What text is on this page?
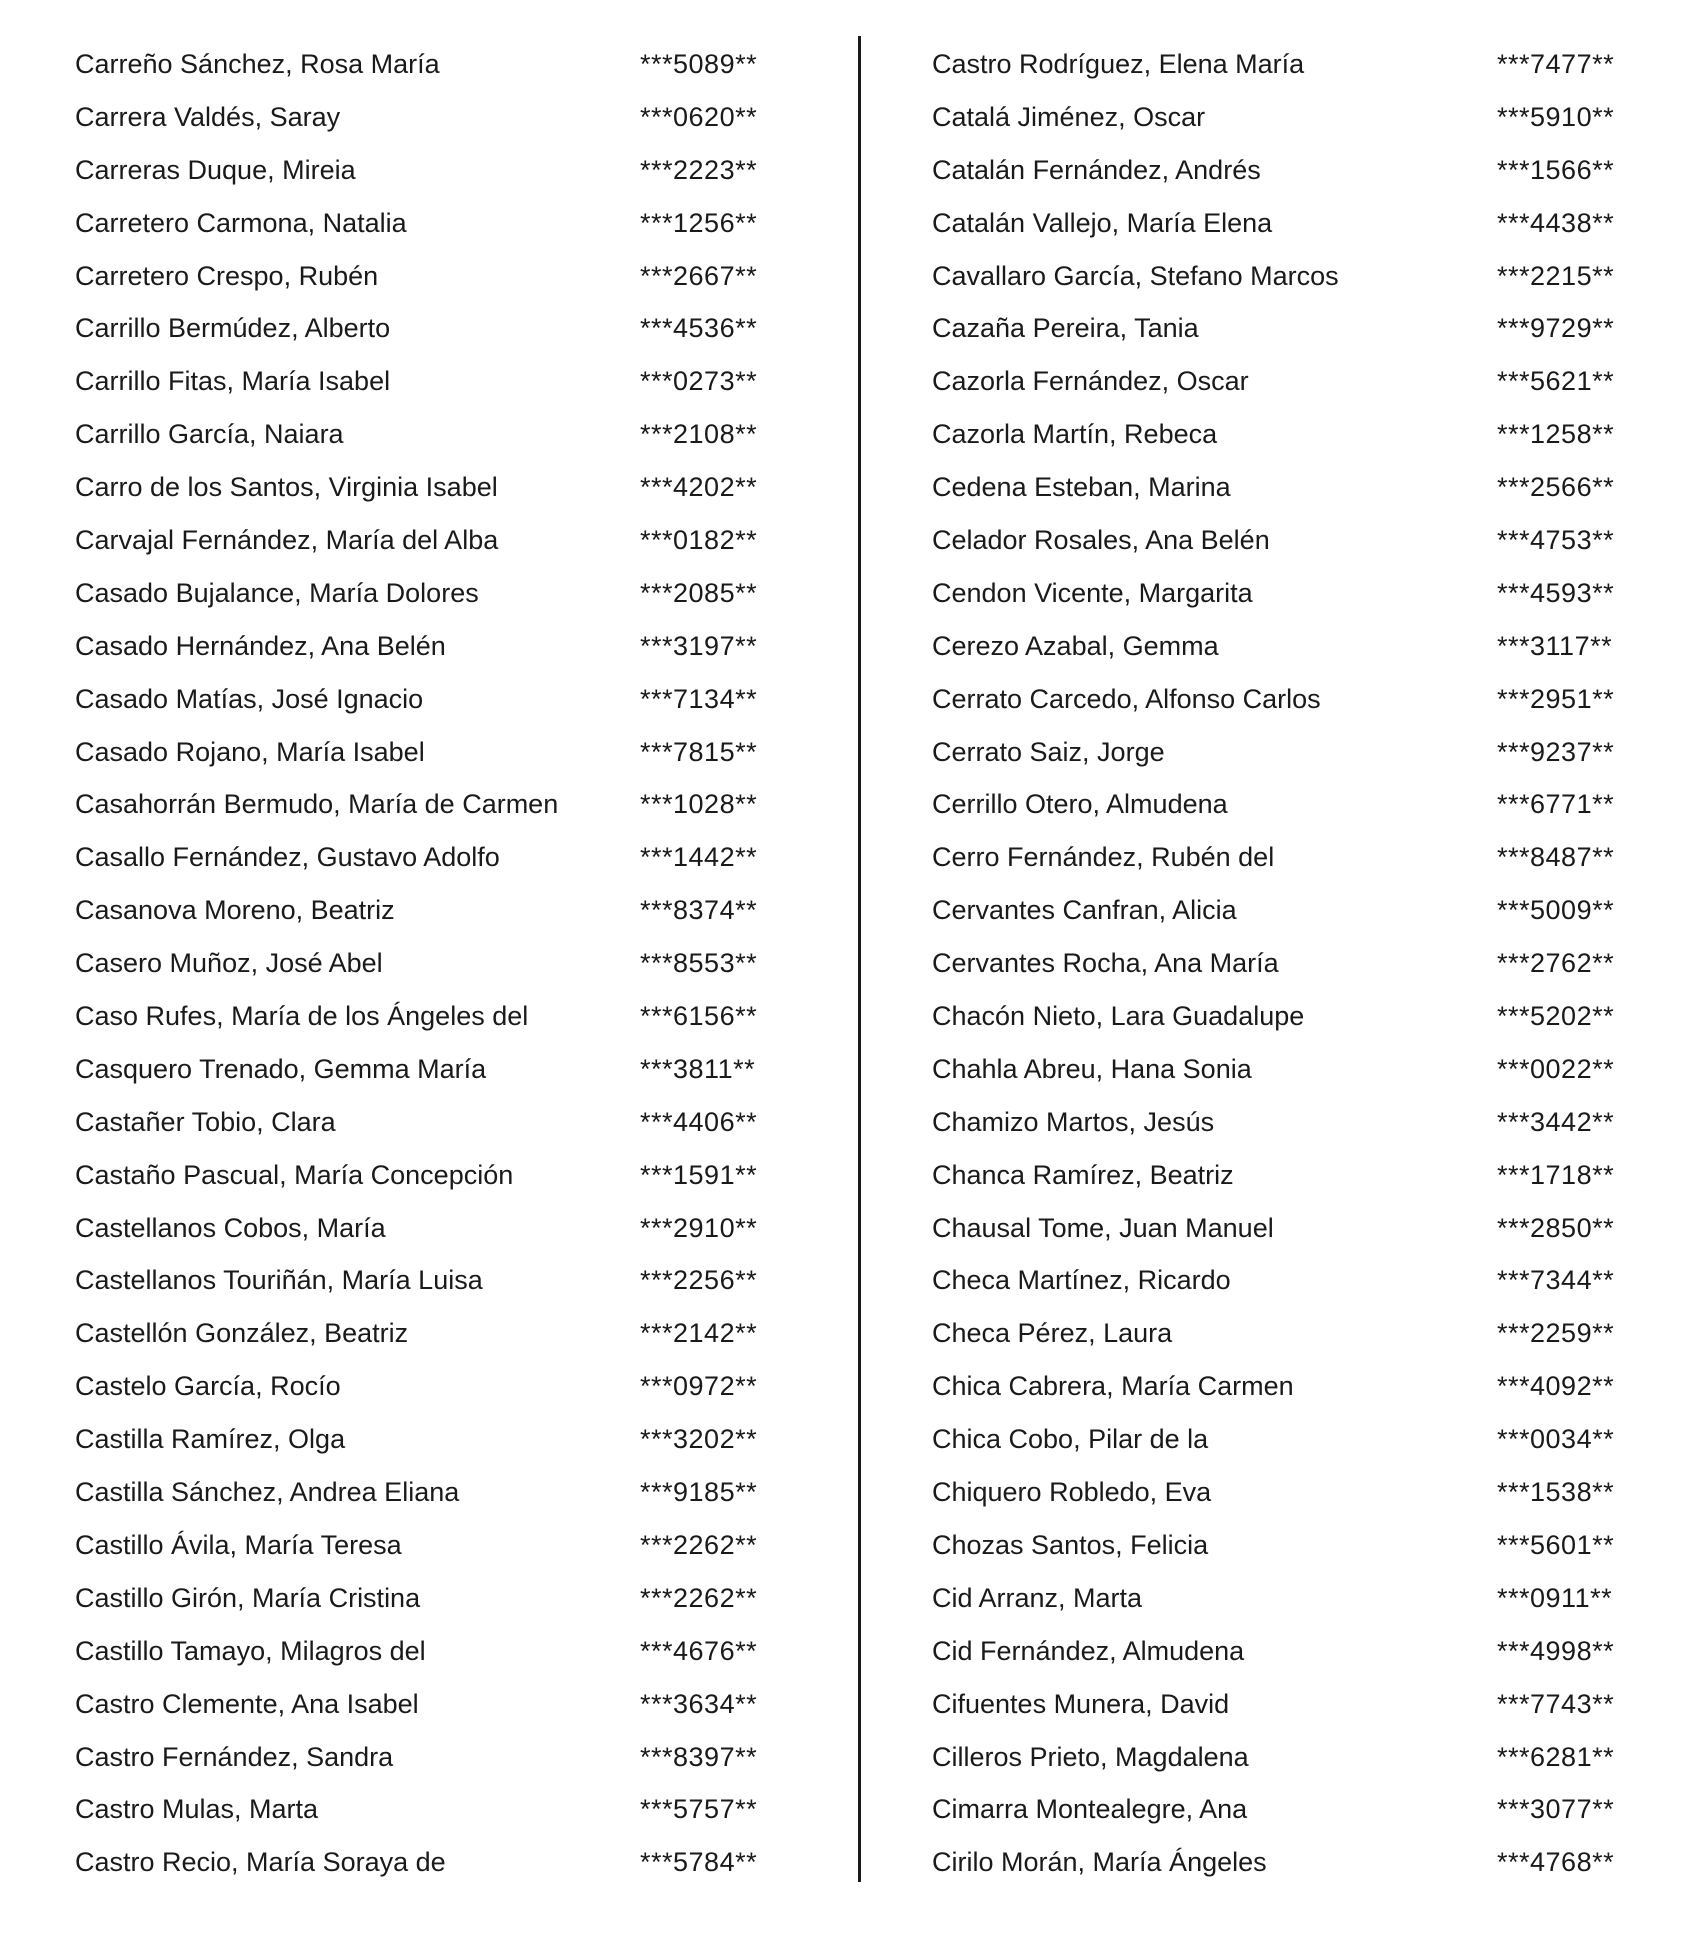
Carreño Sánchez, Rosa María	***5089**
Carrera Valdés, Saray	***0620**
Carreras Duque, Mireia	***2223**
Carretero Carmona, Natalia	***1256**
Carretero Crespo, Rubén	***2667**
Carrillo Bermúdez, Alberto	***4536**
Carrillo Fitas, María Isabel	***0273**
Carrillo García, Naiara	***2108**
Carro de los Santos, Virginia Isabel	***4202**
Carvajal Fernández, María del Alba	***0182**
Casado Bujalance, María Dolores	***2085**
Casado Hernández, Ana Belén	***3197**
Casado Matías, José Ignacio	***7134**
Casado Rojano, María Isabel	***7815**
Casahorrán Bermudo, María de Carmen	***1028**
Casallo Fernández, Gustavo Adolfo	***1442**
Casanova Moreno, Beatriz	***8374**
Casero Muñoz, José Abel	***8553**
Caso Rufes, María de los Ángeles del	***6156**
Casquero Trenado, Gemma María	***3811**
Castañer Tobio, Clara	***4406**
Castaño Pascual, María Concepción	***1591**
Castellanos Cobos, María	***2910**
Castellanos Touriñán, María Luisa	***2256**
Castellón González, Beatriz	***2142**
Castelo García, Rocío	***0972**
Castilla Ramírez, Olga	***3202**
Castilla Sánchez, Andrea Eliana	***9185**
Castillo Ávila, María Teresa	***2262**
Castillo Girón, María Cristina	***2262**
Castillo Tamayo, Milagros del	***4676**
Castro Clemente, Ana Isabel	***3634**
Castro Fernández, Sandra	***8397**
Castro Mulas, Marta	***5757**
Castro Recio, María Soraya de	***5784**
Castro Rodríguez, Elena María	***7477**
Catalá Jiménez, Oscar	***5910**
Catalán Fernández, Andrés	***1566**
Catalán Vallejo, María Elena	***4438**
Cavallaro García, Stefano Marcos	***2215**
Cazaña Pereira, Tania	***9729**
Cazorla Fernández, Oscar	***5621**
Cazorla Martín, Rebeca	***1258**
Cedena Esteban, Marina	***2566**
Celador Rosales, Ana Belén	***4753**
Cendon Vicente, Margarita	***4593**
Cerezo Azabal, Gemma	***3117**
Cerrato Carcedo, Alfonso Carlos	***2951**
Cerrato Saiz, Jorge	***9237**
Cerrillo Otero, Almudena	***6771**
Cerro Fernández, Rubén del	***8487**
Cervantes Canfran, Alicia	***5009**
Cervantes Rocha, Ana María	***2762**
Chacón Nieto, Lara Guadalupe	***5202**
Chahla Abreu, Hana Sonia	***0022**
Chamizo Martos, Jesús	***3442**
Chanca Ramírez, Beatriz	***1718**
Chausal Tome, Juan Manuel	***2850**
Checa Martínez, Ricardo	***7344**
Checa Pérez, Laura	***2259**
Chica Cabrera, María Carmen	***4092**
Chica Cobo, Pilar de la	***0034**
Chiquero Robledo, Eva	***1538**
Chozas Santos, Felicia	***5601**
Cid Arranz, Marta	***0911**
Cid Fernández, Almudena	***4998**
Cifuentes Munera, David	***7743**
Cilleros Prieto, Magdalena	***6281**
Cimarra Montealegre, Ana	***3077**
Cirilo Morán, María Ángeles	***4768**
